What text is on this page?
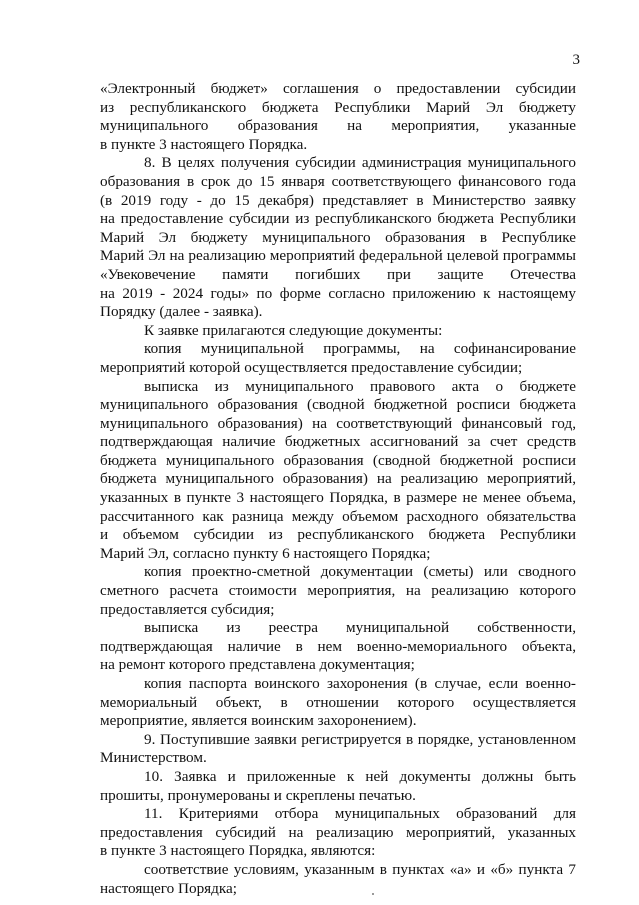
3
«Электронный бюджет» соглашения о предоставлении субсидии
из республиканского бюджета Республики Марий Эл бюджету
муниципального образования на мероприятия, указанные
в пункте 3 настоящего Порядка.
8. В целях получения субсидии администрация муниципального
образования в срок до 15 января соответствующего финансового года
(в 2019 году - до 15 декабря) представляет в Министерство заявку
на предоставление субсидии из республиканского бюджета Республики
Марий Эл бюджету муниципального образования в Республике
Марий Эл на реализацию мероприятий федеральной целевой программы
«Увековечение памяти погибших при защите Отечества
на 2019 - 2024 годы» по форме согласно приложению к настоящему
Порядку (далее - заявка).
К заявке прилагаются следующие документы:
копия муниципальной программы, на софинансирование
мероприятий которой осуществляется предоставление субсидии;
выписка из муниципального правового акта о бюджете
муниципального образования (сводной бюджетной росписи бюджета
муниципального образования) на соответствующий финансовый год,
подтверждающая наличие бюджетных ассигнований за счет средств
бюджета муниципального образования (сводной бюджетной росписи
бюджета муниципального образования) на реализацию мероприятий,
указанных в пункте 3 настоящего Порядка, в размере не менее объема,
рассчитанного как разница между объемом расходного обязательства
и объемом субсидии из республиканского бюджета Республики
Марий Эл, согласно пункту 6 настоящего Порядка;
копия проектно-сметной документации (сметы) или сводного
сметного расчета стоимости мероприятия, на реализацию которого
предоставляется субсидия;
выписка из реестра муниципальной собственности,
подтверждающая наличие в нем военно-мемориального объекта,
на ремонт которого представлена документация;
копия паспорта воинского захоронения (в случае, если военно-
мемориальный объект, в отношении которого осуществляется
мероприятие, является воинским захоронением).
9. Поступившие заявки регистрируется в порядке, установленном
Министерством.
10. Заявка и приложенные к ней документы должны быть
прошиты, пронумерованы и скреплены печатью.
11. Критериями отбора муниципальных образований для
предоставления субсидий на реализацию мероприятий, указанных
в пункте 3 настоящего Порядка, являются:
соответствие условиям, указанным в пунктах «а» и «б» пункта 7
настоящего Порядка;
